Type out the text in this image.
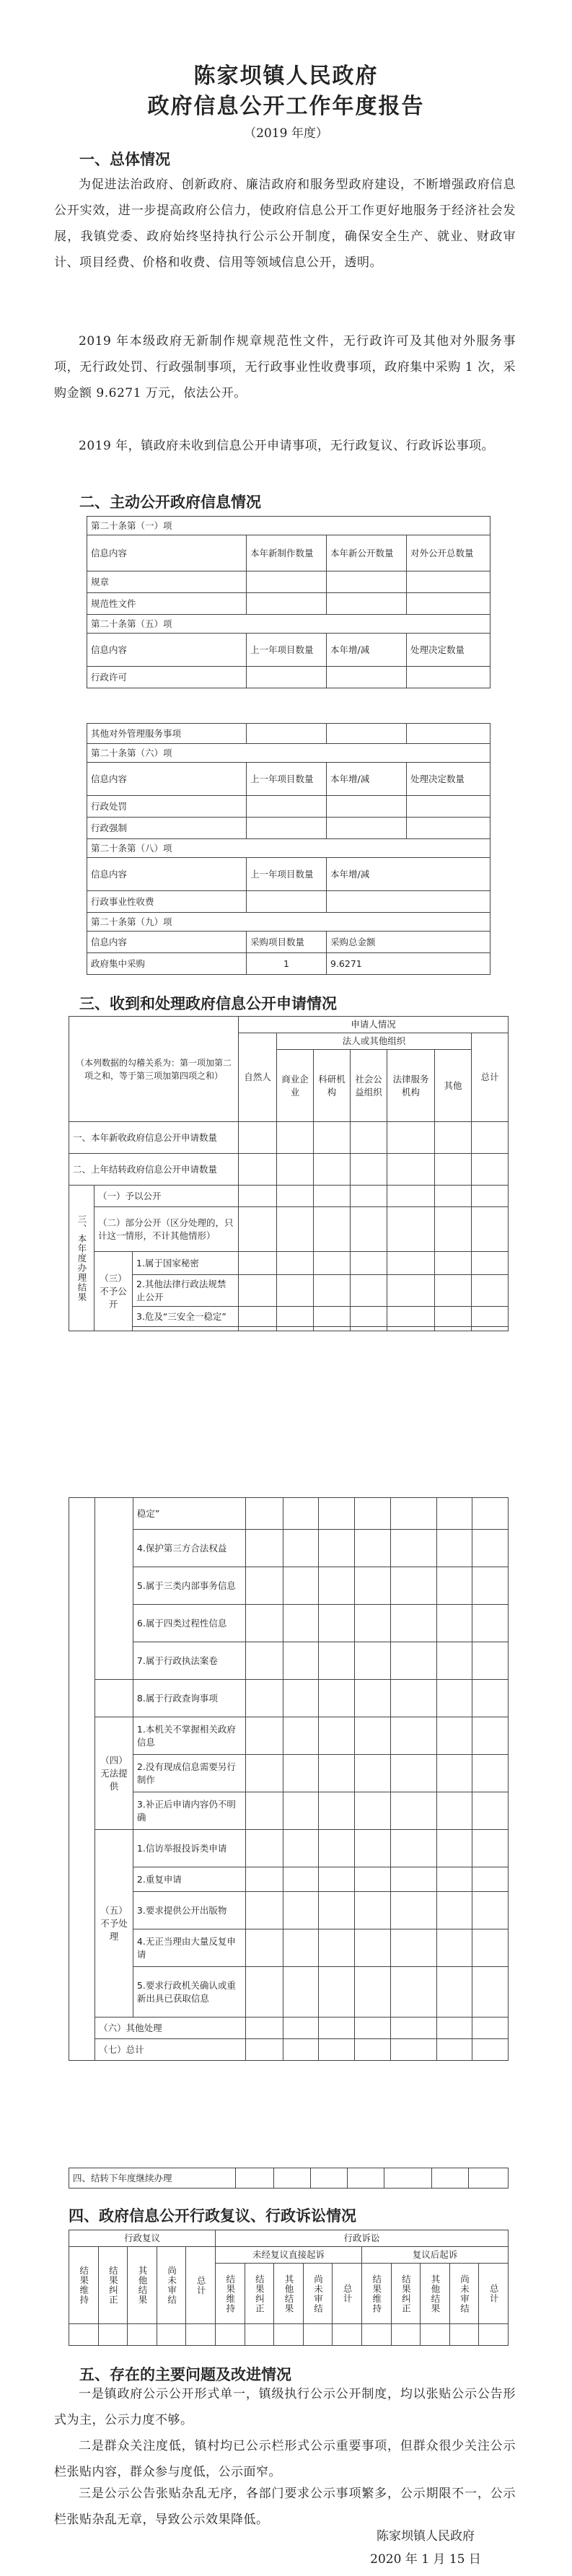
陈家坝镇人民政府
政府信息公开工作年度报告
（2019 年度）
一、总体情况
为促进法治政府、创新政府、廉洁政府和服务型政府建设，不断增强政府信息公开实效，进一步提高政府公信力，使政府信息公开工作更好地服务于经济社会发展，我镇党委、政府始终坚持执行公示公开制度，确保安全生产、就业、财政审计、项目经费、价格和收费、信用等领域信息公开，透明。
2019 年本级政府无新制作规章规范性文件，无行政许可及其他对外服务事项，无行政处罚、行政强制事项，无行政事业性收费事项，政府集中采购 1 次，采购金额 9.6271 万元，依法公开。
2019 年，镇政府未收到信息公开申请事项，无行政复议、行政诉讼事项。
二、主动公开政府信息情况
第二十条第（一）项			
信息内容	本年新制作数量	本年新公开数量	对外公开总数量
规章			
规范性文件			
第二十条第（五）项			
信息内容	上一年项目数量	本年增/减	处理决定数量
行政许可			
其他对外管理服务事项			
第二十条第（六）项			
信息内容	上一年项目数量	本年增/减	处理决定数量
行政处罚			
行政强制			
第二十条第（八）项			
信息内容	上一年项目数量	本年增/减	
行政事业性收费			
第二十条第（九）项			
信息内容	采购项目数量	采购总金额	
政府集中采购	1	9.6271	
三、收到和处理政府信息公开申请情况
（本列数据的勾稽关系为：第一项加第二项之和，等于第三项加第四项之和）			申请人情况						
			自然人	法人或其他组织					总计
				商业企业	科研机构	社会公益组织	法律服务机构	其他	
一、本年新收政府信息公开申请数量									
二、上年结转政府信息公开申请数量									
三、本年度办理结果	（一）予以公开								
	（二）部分公开（区分处理的，只计这一情形，不计其他情形）								
	（三）不予公开	1.属于国家秘密							
		2.其他法律行政法规禁止公开							
		3.危及“三安全一稳定”							

		稳定”							
		4.保护第三方合法权益							
		5.属于三类内部事务信息							
		6.属于四类过程性信息							
		7.属于行政执法案卷							
		8.属于行政查询事项							
	（四）无法提供	1.本机关不掌握相关政府信息							
		2.没有现成信息需要另行制作							
		3.补正后申请内容仍不明确							
	（五）不予处理	1.信访举报投诉类申请							
		2.重复申请							
		3.要求提供公开出版物							
		4.无正当理由大量反复申请							
		5.要求行政机关确认或重新出具已获取信息							
	（六）其他处理								
	（七）总计								
四、结转下年度继续办理							
四、政府信息公开行政复议、行政诉讼情况
行政复议					行政诉讼									
结果维持	结果纠正	其他结果	尚未审结	总计	未经复议直接起诉					复议后起诉				
					结果维持	结果纠正	其他结果	尚未审结	总计	结果维持	结果纠正	其他结果	尚未审结	总计

五、存在的主要问题及改进情况
一是镇政府公示公开形式单一，镇级执行公示公开制度，均以张贴公示公告形式为主，公示力度不够。
二是群众关注度低，镇村均已公示栏形式公示重要事项，但群众很少关注公示栏张贴内容，群众参与度低，公示面窄。
三是公示公告张贴杂乱无序，各部门要求公示事项繁多，公示期限不一，公示栏张贴杂乱无章，导致公示效果降低。
陈家坝镇人民政府
2020 年 1 月 15 日
